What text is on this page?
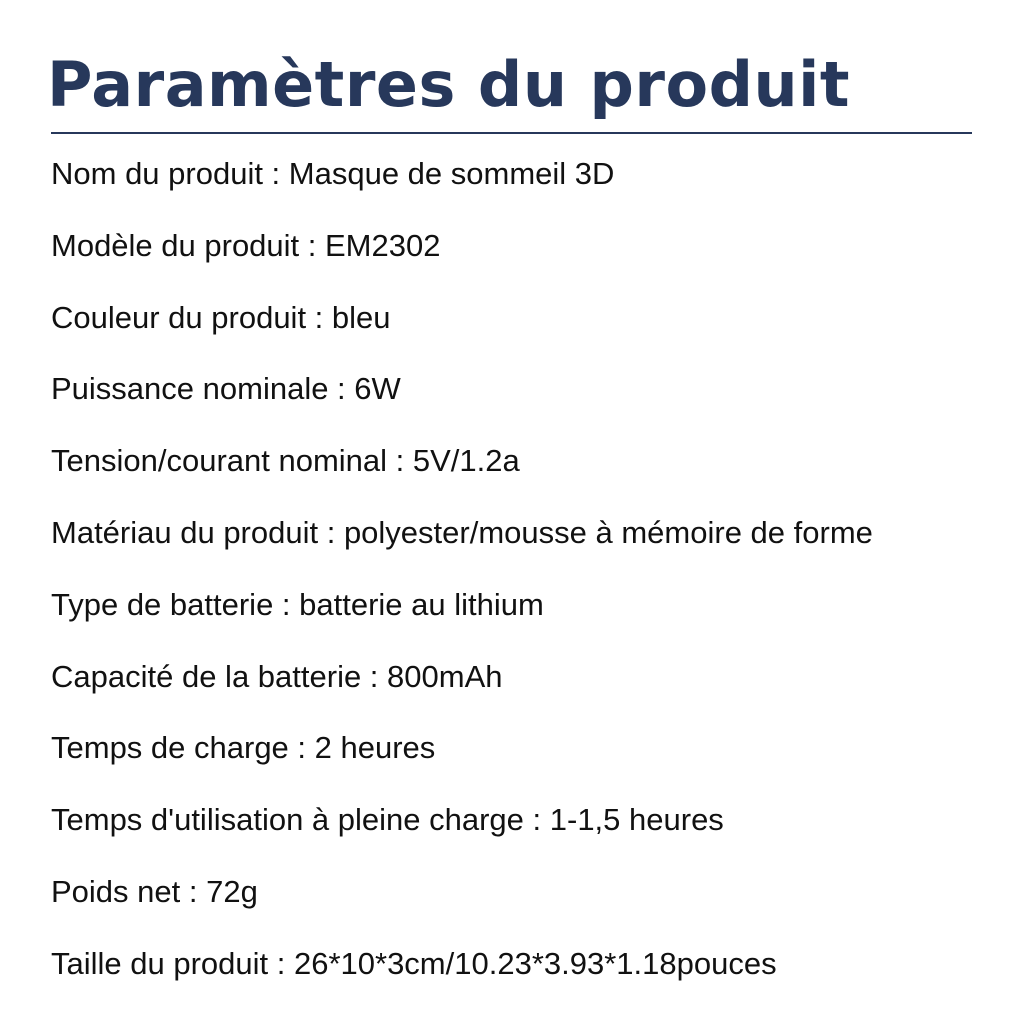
Paramètres du produit
Nom du produit : Masque de sommeil 3D
Modèle du produit : EM2302
Couleur du produit : bleu
Puissance nominale : 6W
Tension/courant nominal : 5V/1.2a
Matériau du produit : polyester/mousse à mémoire de forme
Type de batterie : batterie au lithium
Capacité de la batterie : 800mAh
Temps de charge : 2 heures
Temps d'utilisation à pleine charge : 1-1,5 heures
Poids net : 72g
Taille du produit : 26*10*3cm/10.23*3.93*1.18pouces
